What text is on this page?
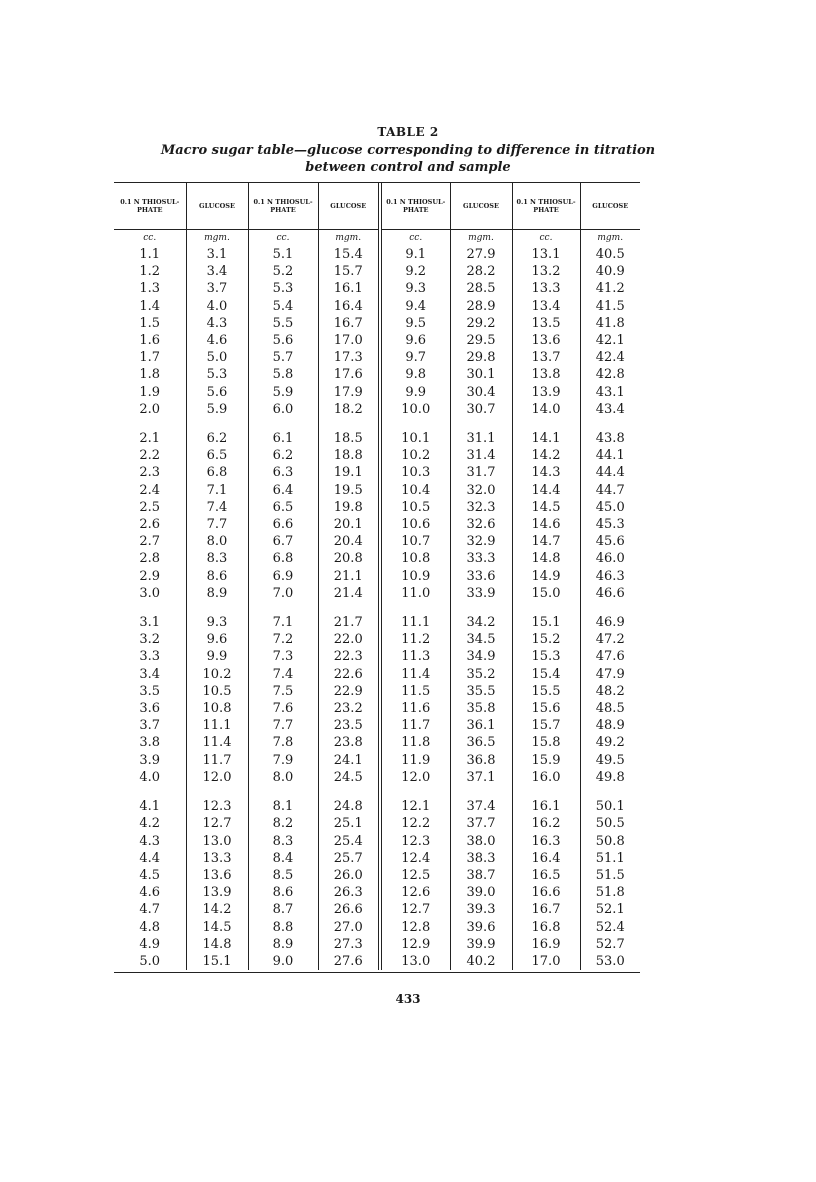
TABLE 2
Macro sugar table—glucose corresponding to difference in titration between control and sample
0.1 N THIOSUL-PHATE	GLUCOSE	0.1 N THIOSUL-PHATE	GLUCOSE	0.1 N THIOSUL-PHATE	GLUCOSE	0.1 N THIOSUL-PHATE	GLUCOSE
cc.	mgm.	cc.	mgm.	cc.	mgm.	cc.	mgm.
1.1	3.1	5.1	15.4	9.1	27.9	13.1	40.5
1.2	3.4	5.2	15.7	9.2	28.2	13.2	40.9
1.3	3.7	5.3	16.1	9.3	28.5	13.3	41.2
1.4	4.0	5.4	16.4	9.4	28.9	13.4	41.5
1.5	4.3	5.5	16.7	9.5	29.2	13.5	41.8
1.6	4.6	5.6	17.0	9.6	29.5	13.6	42.1
1.7	5.0	5.7	17.3	9.7	29.8	13.7	42.4
1.8	5.3	5.8	17.6	9.8	30.1	13.8	42.8
1.9	5.6	5.9	17.9	9.9	30.4	13.9	43.1
2.0	5.9	6.0	18.2	10.0	30.7	14.0	43.4

2.1	6.2	6.1	18.5	10.1	31.1	14.1	43.8
2.2	6.5	6.2	18.8	10.2	31.4	14.2	44.1
2.3	6.8	6.3	19.1	10.3	31.7	14.3	44.4
2.4	7.1	6.4	19.5	10.4	32.0	14.4	44.7
2.5	7.4	6.5	19.8	10.5	32.3	14.5	45.0
2.6	7.7	6.6	20.1	10.6	32.6	14.6	45.3
2.7	8.0	6.7	20.4	10.7	32.9	14.7	45.6
2.8	8.3	6.8	20.8	10.8	33.3	14.8	46.0
2.9	8.6	6.9	21.1	10.9	33.6	14.9	46.3
3.0	8.9	7.0	21.4	11.0	33.9	15.0	46.6

3.1	9.3	7.1	21.7	11.1	34.2	15.1	46.9
3.2	9.6	7.2	22.0	11.2	34.5	15.2	47.2
3.3	9.9	7.3	22.3	11.3	34.9	15.3	47.6
3.4	10.2	7.4	22.6	11.4	35.2	15.4	47.9
3.5	10.5	7.5	22.9	11.5	35.5	15.5	48.2
3.6	10.8	7.6	23.2	11.6	35.8	15.6	48.5
3.7	11.1	7.7	23.5	11.7	36.1	15.7	48.9
3.8	11.4	7.8	23.8	11.8	36.5	15.8	49.2
3.9	11.7	7.9	24.1	11.9	36.8	15.9	49.5
4.0	12.0	8.0	24.5	12.0	37.1	16.0	49.8

4.1	12.3	8.1	24.8	12.1	37.4	16.1	50.1
4.2	12.7	8.2	25.1	12.2	37.7	16.2	50.5
4.3	13.0	8.3	25.4	12.3	38.0	16.3	50.8
4.4	13.3	8.4	25.7	12.4	38.3	16.4	51.1
4.5	13.6	8.5	26.0	12.5	38.7	16.5	51.5
4.6	13.9	8.6	26.3	12.6	39.0	16.6	51.8
4.7	14.2	8.7	26.6	12.7	39.3	16.7	52.1
4.8	14.5	8.8	27.0	12.8	39.6	16.8	52.4
4.9	14.8	8.9	27.3	12.9	39.9	16.9	52.7
5.0	15.1	9.0	27.6	13.0	40.2	17.0	53.0
433
